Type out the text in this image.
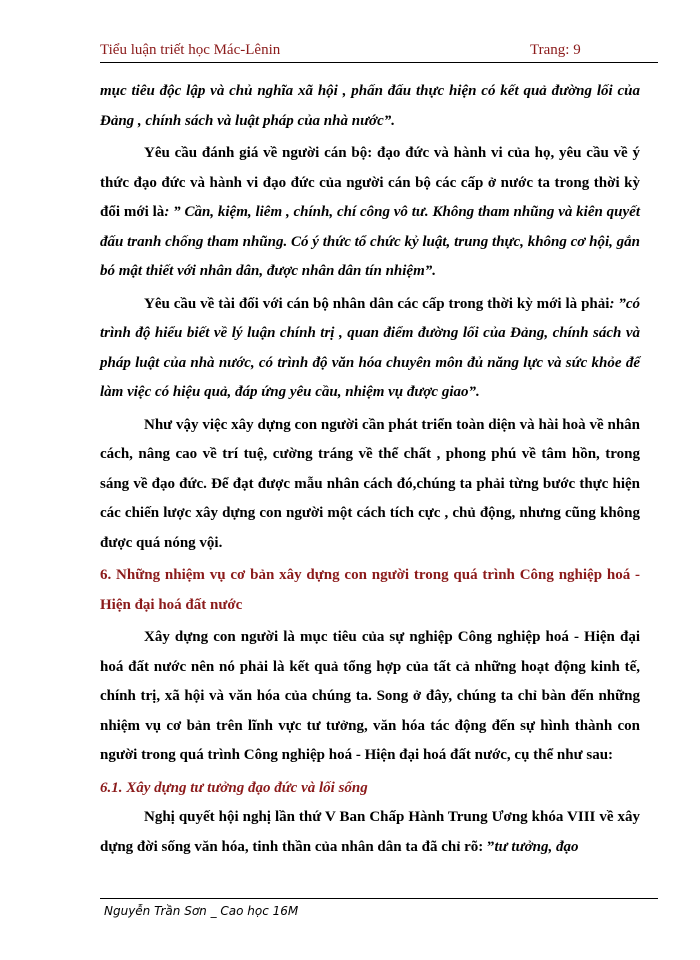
Tiểu luận triết học Mác-Lênin	Trang: 9

mục tiêu độc lập và chủ nghĩa xã hội , phấn đấu thực hiện có kết quả đường lối của Đảng , chính sách và luật pháp của nhà nước”.

Yêu cầu đánh giá về người cán bộ: đạo đức và hành vi của họ, yêu cầu về ý thức đạo đức và hành vi đạo đức của người cán bộ các cấp ở nước ta trong thời kỳ đổi mới là: ” Cần, kiệm, liêm , chính, chí công vô tư. Không tham nhũng và kiên quyết đấu tranh chống tham nhũng. Có ý thức tổ chức kỷ luật, trung thực, không cơ hội, gắn bó mật thiết với nhân dân, được nhân dân tín nhiệm”.

Yêu cầu về tài đối với cán bộ nhân dân các cấp trong thời kỳ mới là phải: ”có trình độ hiểu biết về lý luận chính trị , quan điểm đường lối của Đảng, chính sách và pháp luật của nhà nước, có trình độ văn hóa chuyên môn đủ năng lực và sức khỏe để làm việc có hiệu quả, đáp ứng yêu cầu, nhiệm vụ được giao”.

Như vậy việc xây dựng con người cần phát triển toàn diện và hài hoà về nhân cách, nâng cao về trí tuệ, cường tráng về thể chất , phong phú về tâm hồn, trong sáng về đạo đức. Để đạt được mẫu nhân cách đó,chúng ta phải từng bước thực hiện các chiến lược xây dựng con người một cách tích cực , chủ động, nhưng cũng không được quá nóng vội.

6. Những nhiệm vụ cơ bản xây dựng con người trong quá trình Công nghiệp hoá - Hiện đại hoá đất nước

Xây dựng con người là mục tiêu của sự nghiệp Công nghiệp hoá - Hiện đại hoá đất nước nên nó phải là kết quả tổng hợp của tất cả những hoạt động kinh tế, chính trị, xã hội và văn hóa của chúng ta. Song ở đây, chúng ta chỉ bàn đến những nhiệm vụ cơ bản trên lĩnh vực tư tưởng, văn hóa tác động đến sự hình thành con người trong quá trình Công nghiệp hoá - Hiện đại hoá đất nước, cụ thể như sau:

6.1. Xây dựng tư tưởng đạo đức và lối sống

Nghị quyết hội nghị lần thứ V Ban Chấp Hành Trung Ương khóa VIII về xây dựng đời sống văn hóa, tinh thần của nhân dân ta đã chỉ rõ: ”tư tưởng, đạo

Nguyễn Trần Sơn _ Cao học 16M
